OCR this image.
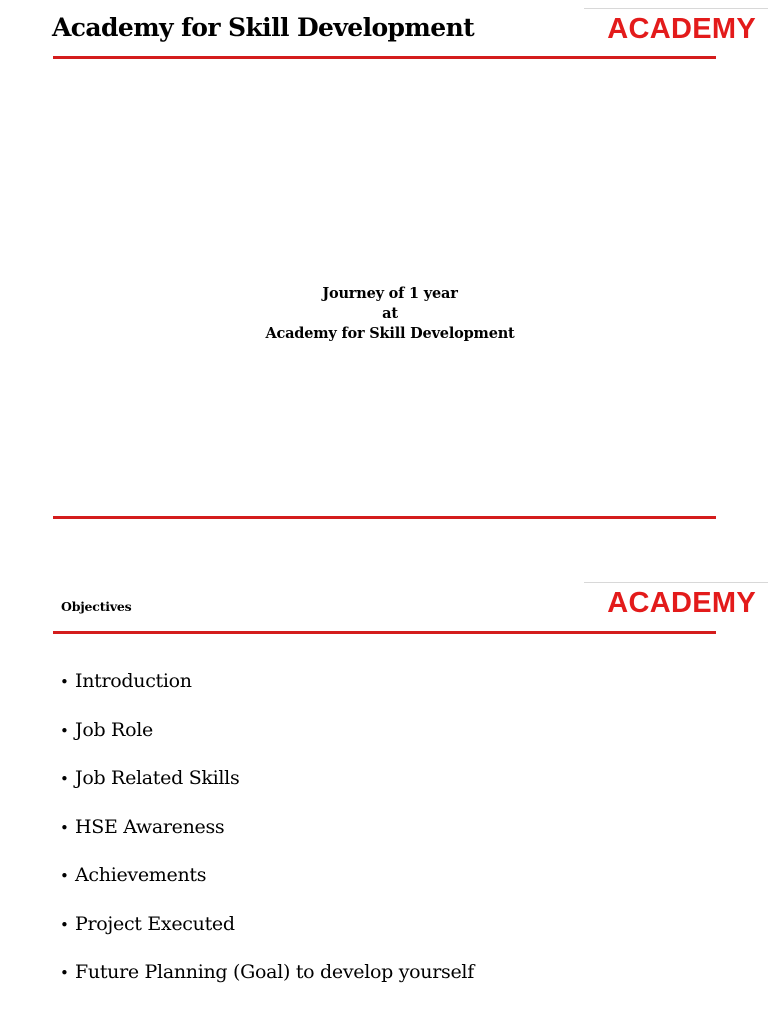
Academy for Skill Development	ACADEMY
Journey of 1 year
at
Academy for Skill Development
Objectives	ACADEMY
• Introduction
• Job Role
• Job Related Skills
• HSE Awareness
• Achievements
• Project Executed
• Future Planning (Goal) to develop yourself
